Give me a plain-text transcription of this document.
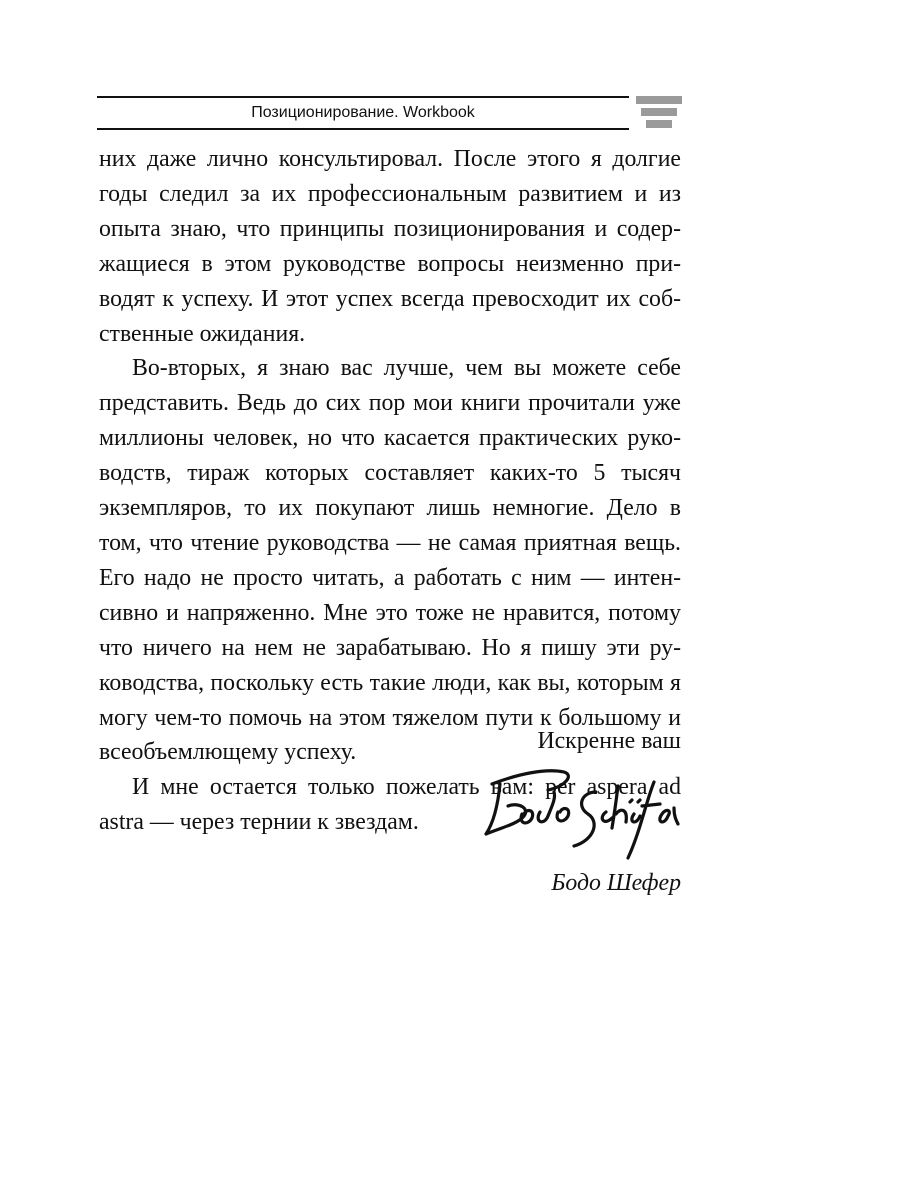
Позиционирование. Workbook

них даже лично консультировал. После этого я долгие годы следил за их профессиональным развитием и из опыта знаю, что принципы позиционирования и содержащиеся в этом руководстве вопросы неизменно приводят к успеху. И этот успех всегда превосходит их собственные ожидания.

Во-вторых, я знаю вас лучше, чем вы можете себе представить. Ведь до сих пор мои книги прочитали уже миллионы человек, но что касается практических руководств, тираж которых составляет каких-то 5 тысяч экземпляров, то их покупают лишь немногие. Дело в том, что чтение руководства — не самая приятная вещь. Его надо не просто читать, а работать с ним — интенсивно и напряженно. Мне это тоже не нравится, потому что ничего на нем не зарабатываю. Но я пишу эти руководства, поскольку есть такие люди, как вы, которым я могу чем-то помочь на этом тяжелом пути к большому и всеобъемлющему успеху.

И мне остается только пожелать вам: per aspera ad astra — через тернии к звездам.

Искренне ваш
Бодо Шефер
